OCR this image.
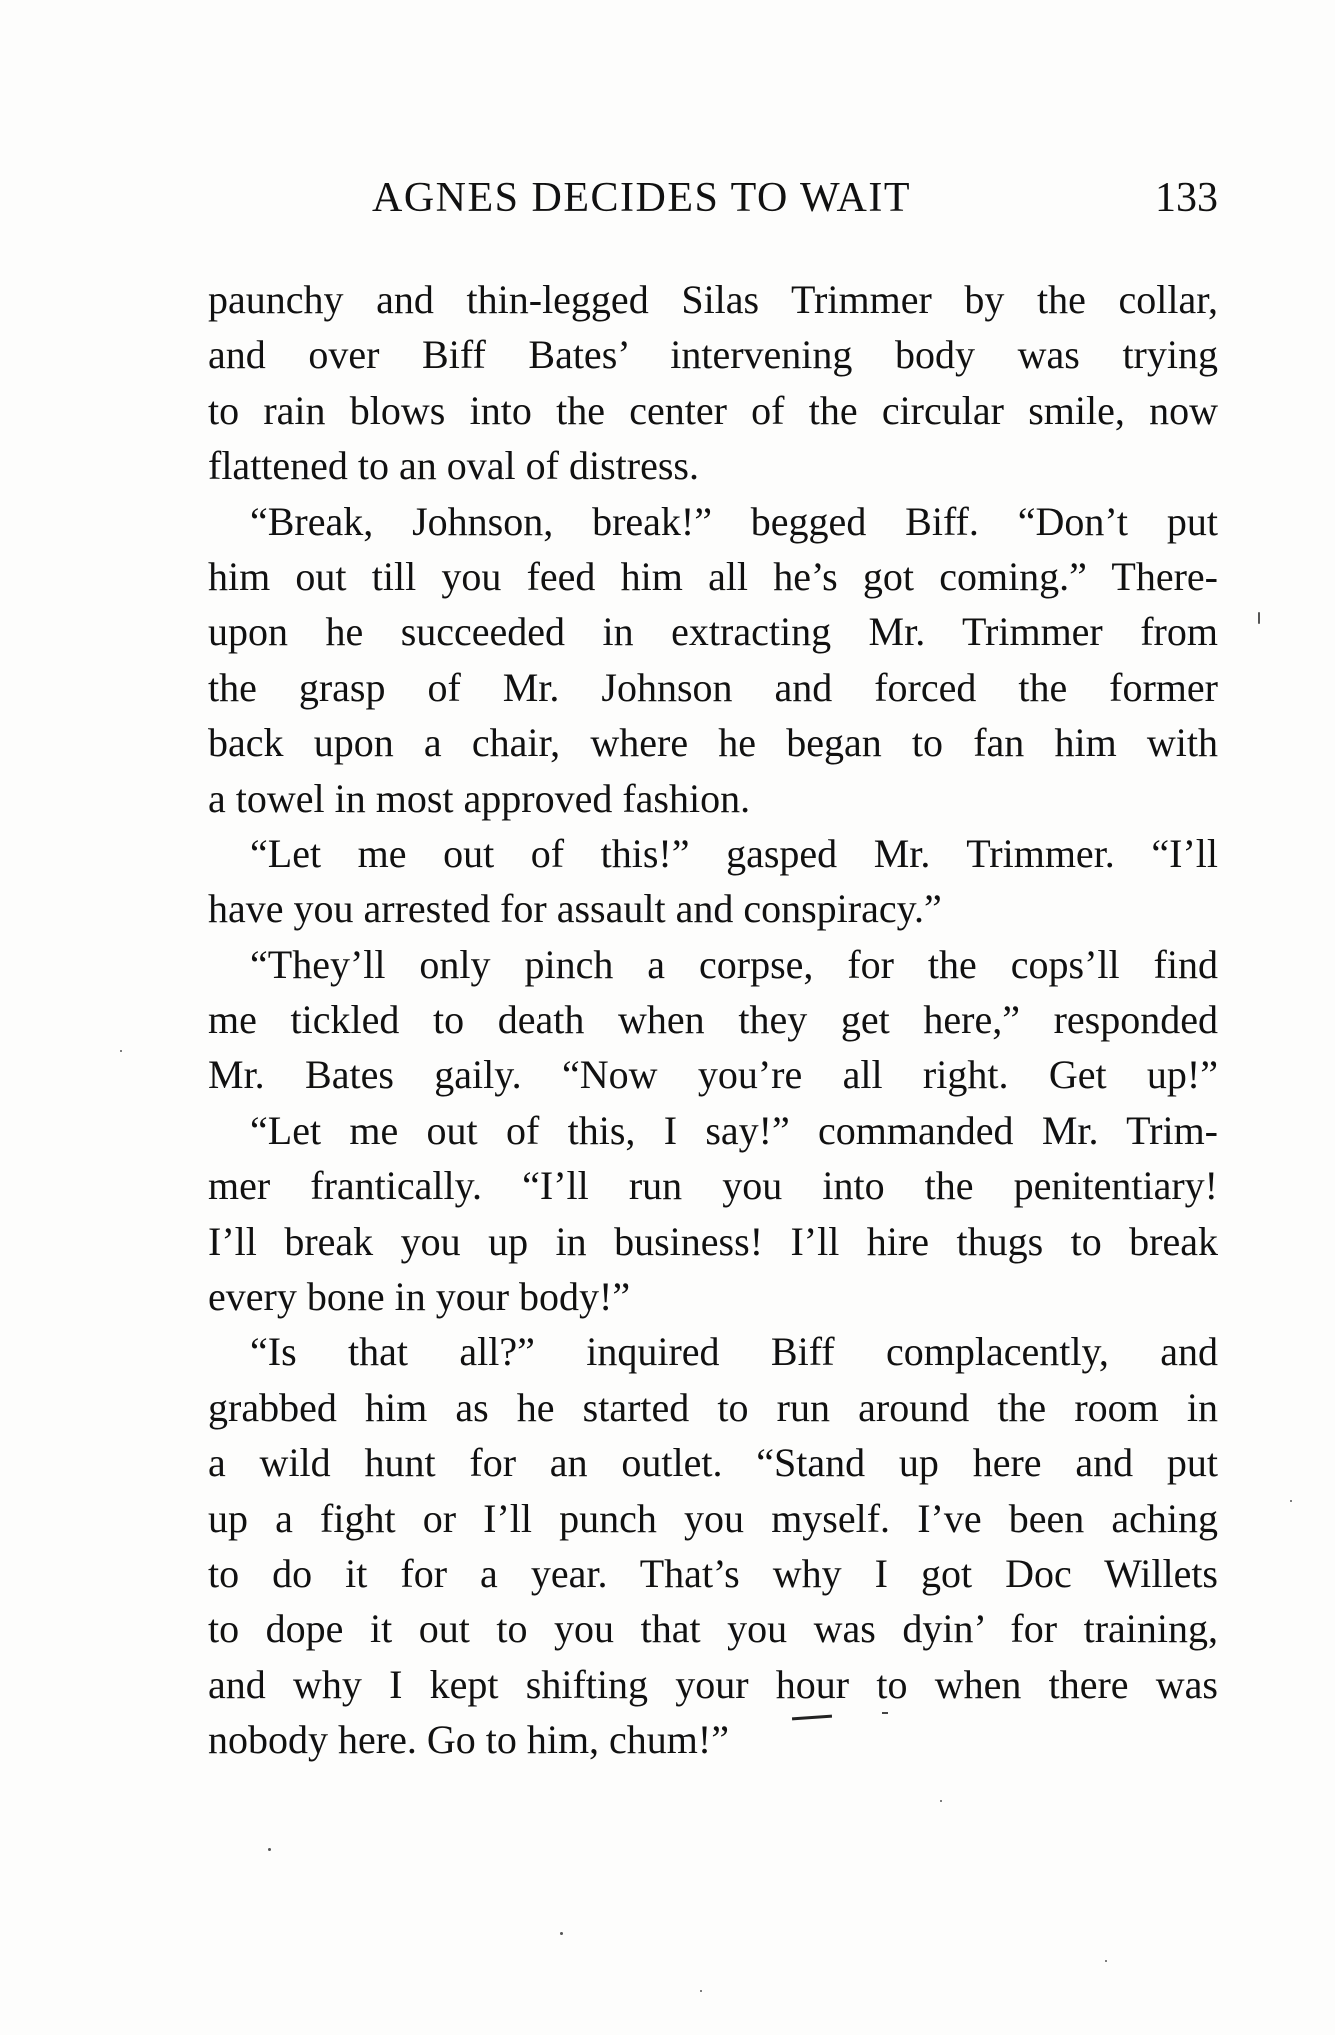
AGNES DECIDES TO WAIT	133
paunchy and thin-legged Silas Trimmer by the collar,
and over Biff Bates’ intervening body was trying
to rain blows into the center of the circular smile, now
flattened to an oval of distress.
“Break, Johnson, break!” begged Biff. “Don’t put
him out till you feed him all he’s got coming.” There-
upon he succeeded in extracting Mr. Trimmer from
the grasp of Mr. Johnson and forced the former
back upon a chair, where he began to fan him with
a towel in most approved fashion.
“Let me out of this!” gasped Mr. Trimmer. “I’ll
have you arrested for assault and conspiracy.”
“They’ll only pinch a corpse, for the cops’ll find
me tickled to death when they get here,” responded
Mr. Bates gaily. “Now you’re all right. Get up!”
“Let me out of this, I say!” commanded Mr. Trim-
mer frantically. “I’ll run you into the penitentiary!
I’ll break you up in business! I’ll hire thugs to break
every bone in your body!”
“Is that all?” inquired Biff complacently, and
grabbed him as he started to run around the room in
a wild hunt for an outlet. “Stand up here and put
up a fight or I’ll punch you myself. I’ve been aching
to do it for a year. That’s why I got Doc Willets
to dope it out to you that you was dyin’ for training,
and why I kept shifting your hour to when there was
nobody here. Go to him, chum!”
